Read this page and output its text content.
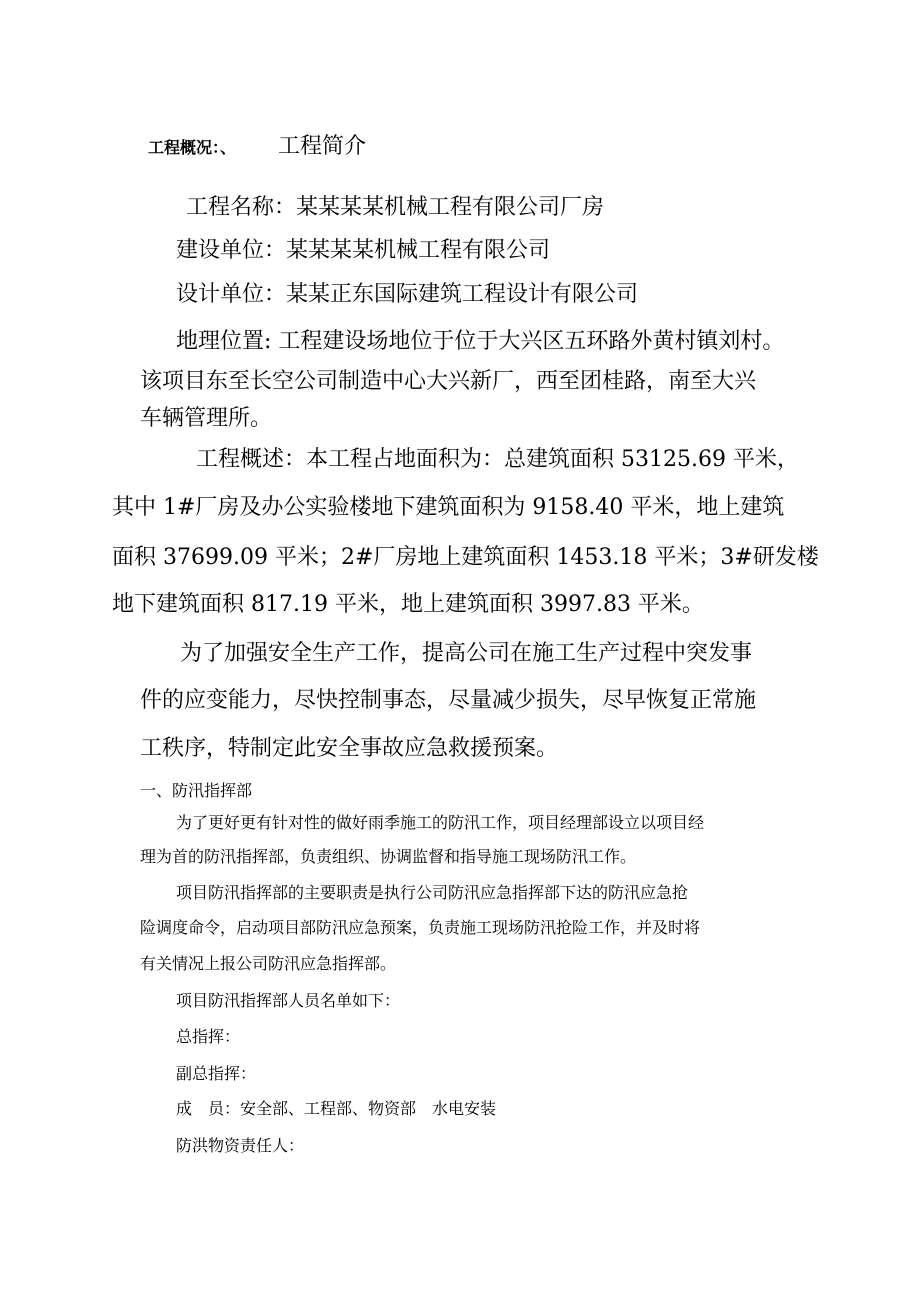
工程概况：、 工程简介
工程名称：某某某某机械工程有限公司厂房
建设单位：某某某某机械工程有限公司
设计单位：某某正东国际建筑工程设计有限公司
地理位置: 工程建设场地位于位于大兴区五环路外黄村镇刘村。
该项目东至长空公司制造中心大兴新厂，西至团桂路，南至大兴
车辆管理所。
工程概述：本工程占地面积为：总建筑面积 53125.69 平米，
其中 1#厂房及办公实验楼地下建筑面积为 9158.40 平米，地上建筑
面积 37699.09 平米；2#厂房地上建筑面积 1453.18 平米；3#研发楼
地下建筑面积 817.19 平米，地上建筑面积 3997.83 平米。
为了加强安全生产工作，提高公司在施工生产过程中突发事
件的应变能力，尽快控制事态，尽量减少损失，尽早恢复正常施
工秩序，特制定此安全事故应急救援预案。
一、防汛指挥部
为了更好更有针对性的做好雨季施工的防汛工作，项目经理部设立以项目经
理为首的防汛指挥部，负责组织、协调监督和指导施工现场防汛工作。
项目防汛指挥部的主要职责是执行公司防汛应急指挥部下达的防汛应急抢
险调度命令，启动项目部防汛应急预案，负责施工现场防汛抢险工作，并及时将
有关情况上报公司防汛应急指挥部。
项目防汛指挥部人员名单如下：
总指挥：
副总指挥：
成　员：安全部、工程部、物资部　水电安装
防洪物资责任人：
